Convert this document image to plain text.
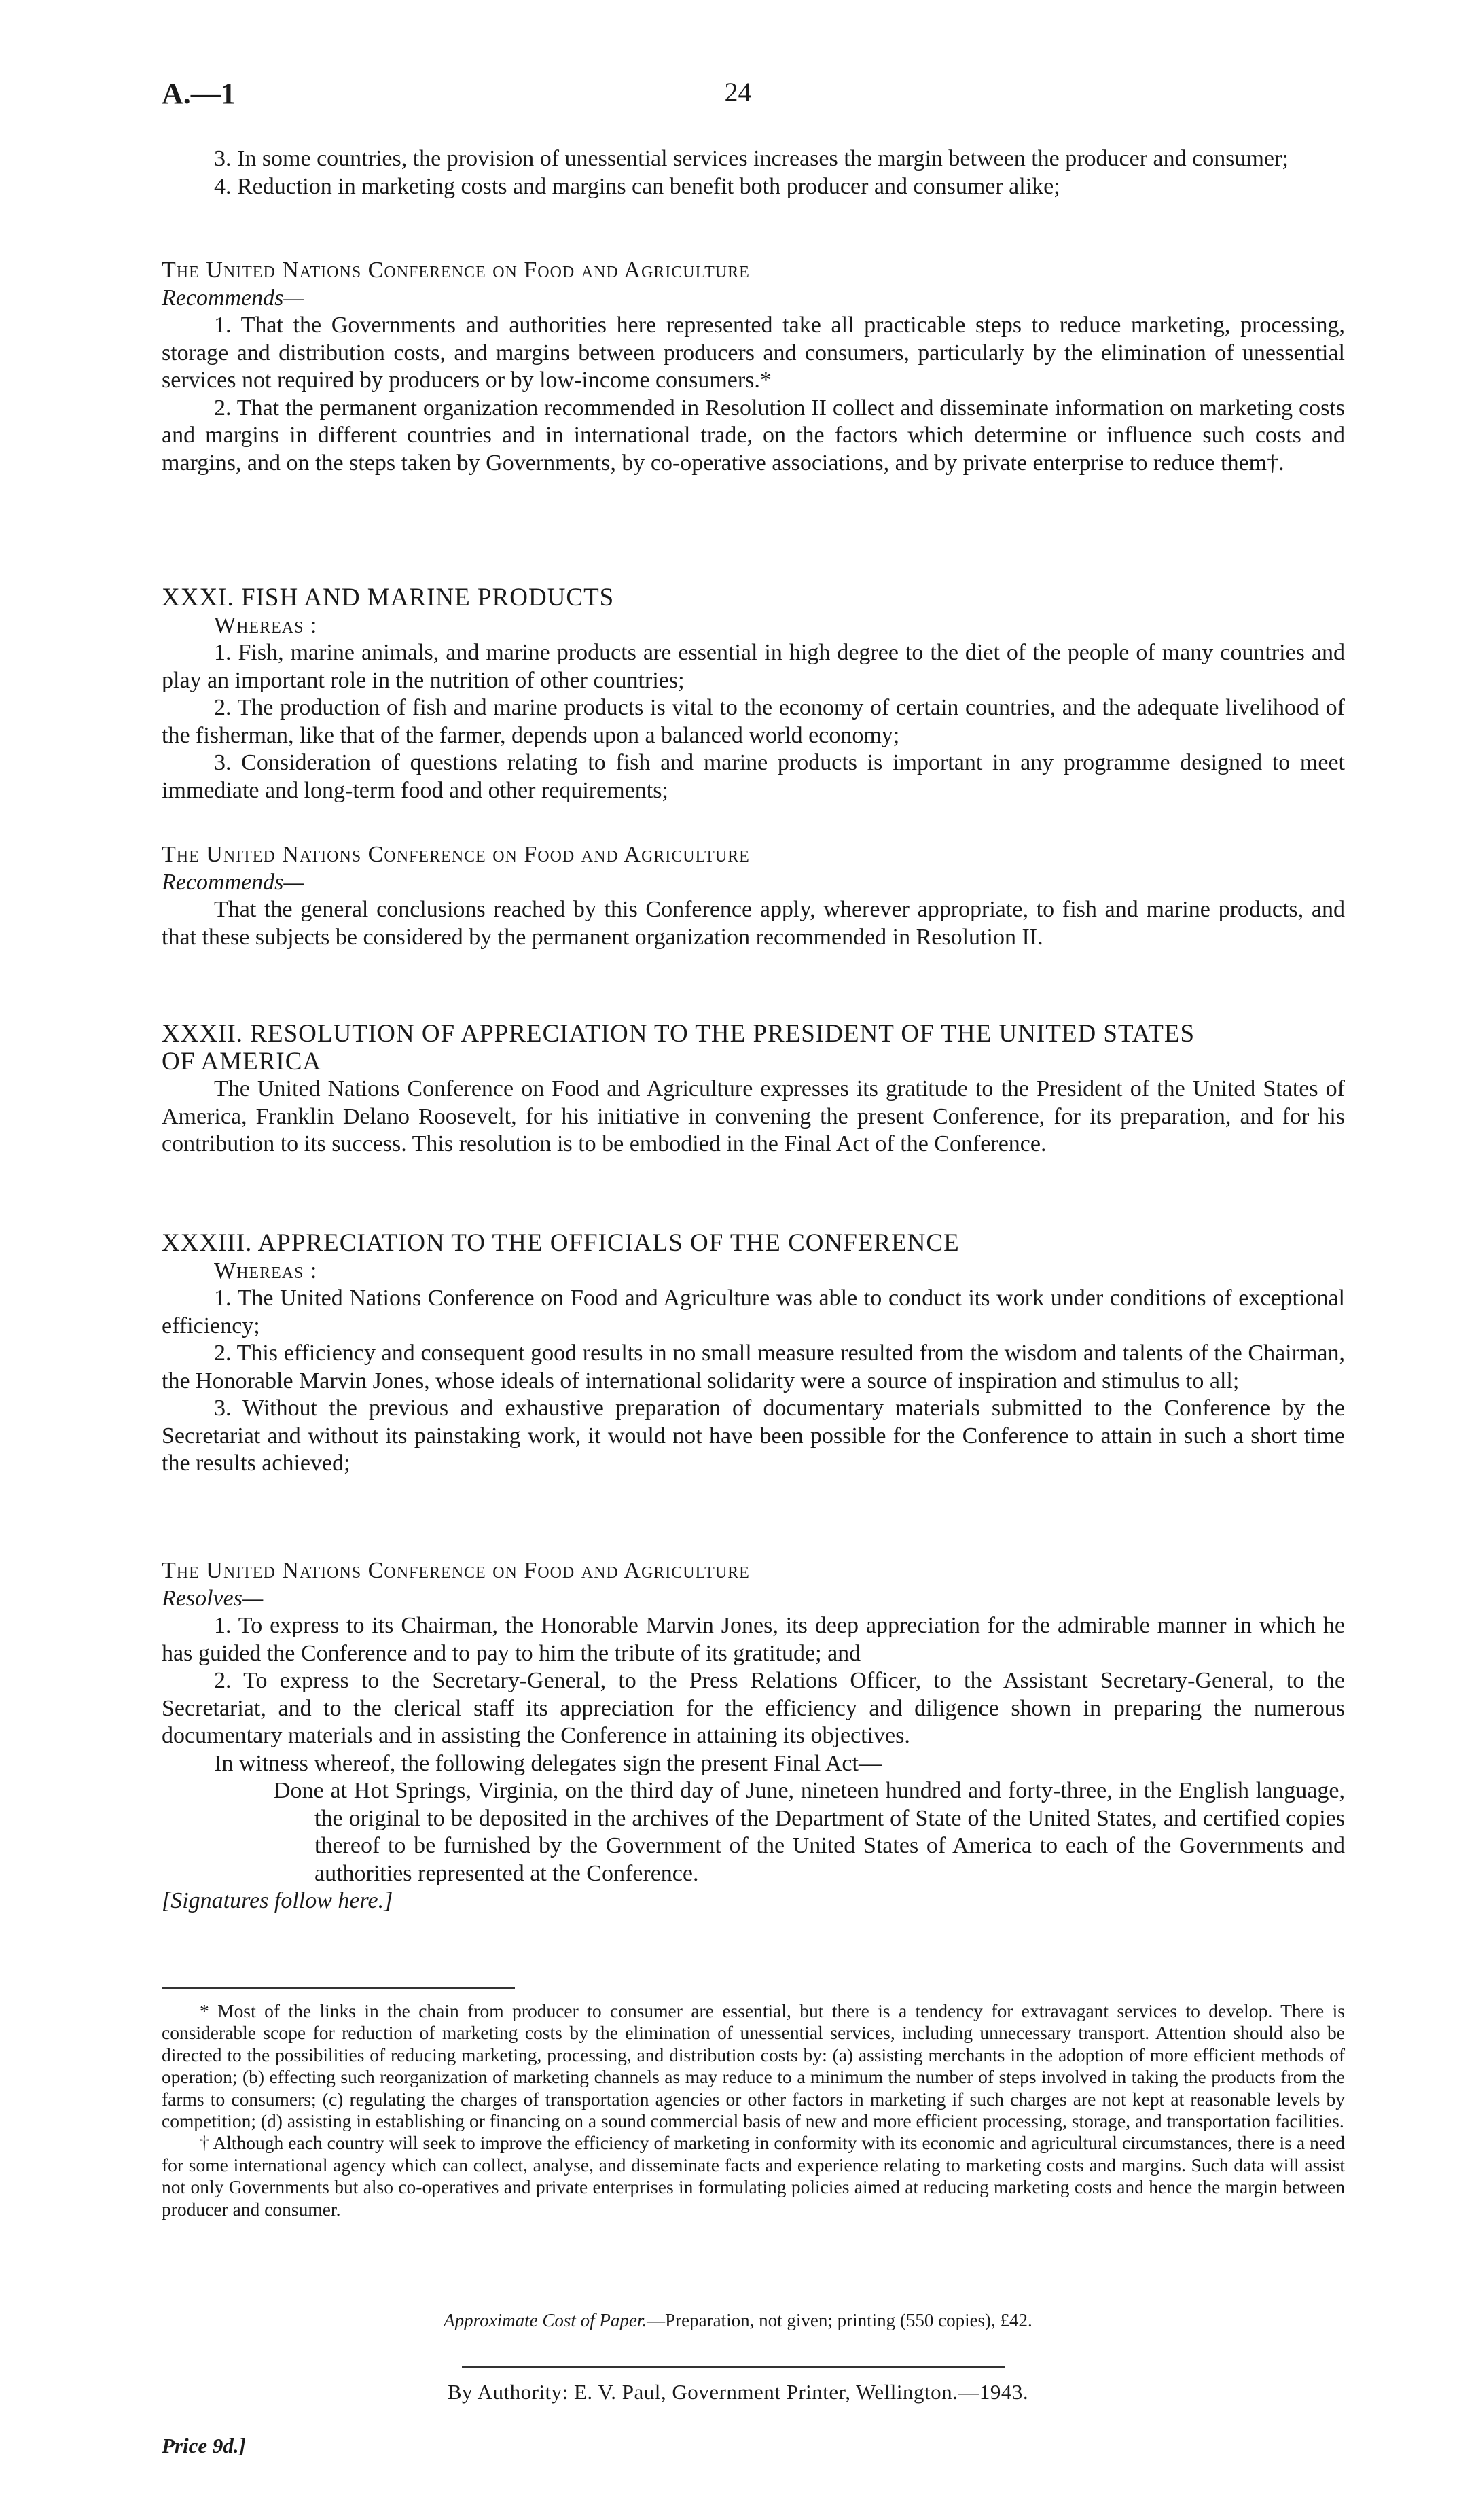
A.—1	24

3. In some countries, the provision of unessential services increases the margin between the producer and consumer;

4. Reduction in marketing costs and margins can benefit both producer and consumer alike;

The United Nations Conference on Food and Agriculture

Recommends—

1. That the Governments and authorities here represented take all practicable steps to reduce marketing, processing, storage and distribution costs, and margins between producers and consumers, particularly by the elimination of unessential services not required by producers or by low-income consumers.*

2. That the permanent organization recommended in Resolution II collect and disseminate information on marketing costs and margins in different countries and in international trade, on the factors which determine or influence such costs and margins, and on the steps taken by Governments, by co-operative associations, and by private enterprise to reduce them†.

XXXI. FISH AND MARINE PRODUCTS

Whereas :

1. Fish, marine animals, and marine products are essential in high degree to the diet of the people of many countries and play an important role in the nutrition of other countries;

2. The production of fish and marine products is vital to the economy of certain countries, and the adequate livelihood of the fisherman, like that of the farmer, depends upon a balanced world economy;

3. Consideration of questions relating to fish and marine products is important in any programme designed to meet immediate and long-term food and other requirements;

The United Nations Conference on Food and Agriculture

Recommends—

That the general conclusions reached by this Conference apply, wherever appropriate, to fish and marine products, and that these subjects be considered by the permanent organization recommended in Resolution II.

XXXII. RESOLUTION OF APPRECIATION TO THE PRESIDENT OF THE UNITED STATES

OF AMERICA

The United Nations Conference on Food and Agriculture expresses its gratitude to the President of the United States of America, Franklin Delano Roosevelt, for his initiative in convening the present Conference, for its preparation, and for his contribution to its success. This resolution is to be embodied in the Final Act of the Conference.

XXXIII. APPRECIATION TO THE OFFICIALS OF THE CONFERENCE

Whereas :

1. The United Nations Conference on Food and Agriculture was able to conduct its work under conditions of exceptional efficiency;

2. This efficiency and consequent good results in no small measure resulted from the wisdom and talents of the Chairman, the Honorable Marvin Jones, whose ideals of international solidarity were a source of inspiration and stimulus to all;

3. Without the previous and exhaustive preparation of documentary materials submitted to the Conference by the Secretariat and without its painstaking work, it would not have been possible for the Conference to attain in such a short time the results achieved;

The United Nations Conference on Food and Agriculture

Resolves—

1. To express to its Chairman, the Honorable Marvin Jones, its deep appreciation for the admirable manner in which he has guided the Conference and to pay to him the tribute of its gratitude; and

2. To express to the Secretary-General, to the Press Relations Officer, to the Assistant Secretary-General, to the Secretariat, and to the clerical staff its appreciation for the efficiency and diligence shown in preparing the numerous documentary materials and in assisting the Conference in attaining its objectives.

In witness whereof, the following delegates sign the present Final Act—

Done at Hot Springs, Virginia, on the third day of June, nineteen hundred and forty-three, in the English language, the original to be deposited in the archives of the Department of State of the United States, and certified copies thereof to be furnished by the Government of the United States of America to each of the Governments and authorities represented at the Conference.

[Signatures follow here.]

* Most of the links in the chain from producer to consumer are essential, but there is a tendency for extravagant services to develop. There is considerable scope for reduction of marketing costs by the elimination of unessential services, including unnecessary transport. Attention should also be directed to the possibilities of reducing marketing, processing, and distribution costs by: (a) assisting merchants in the adoption of more efficient methods of operation; (b) effecting such reorganization of marketing channels as may reduce to a minimum the number of steps involved in taking the products from the farms to consumers; (c) regulating the charges of transportation agencies or other factors in marketing if such charges are not kept at reasonable levels by competition; (d) assisting in establishing or financing on a sound commercial basis of new and more efficient processing, storage, and transportation facilities.

† Although each country will seek to improve the efficiency of marketing in conformity with its economic and agricultural circumstances, there is a need for some international agency which can collect, analyse, and disseminate facts and experience relating to marketing costs and margins. Such data will assist not only Governments but also co-operatives and private enterprises in formulating policies aimed at reducing marketing costs and hence the margin between producer and consumer.

Approximate Cost of Paper.—Preparation, not given; printing (550 copies), £42.
By Authority: E. V. Paul, Government Printer, Wellington.—1943.
Price 9d.]
